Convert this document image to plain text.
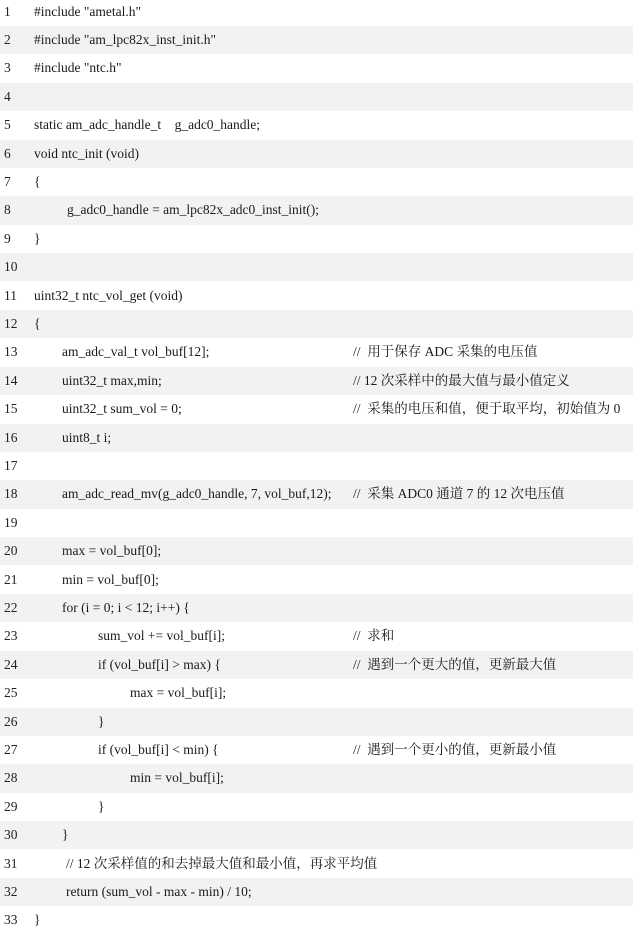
1 #include "ametal.h"
2 #include "am_lpc82x_inst_init.h"
3 #include "ntc.h"
4
5 static am_adc_handle_t    g_adc0_handle;
6 void ntc_init (void)
7 {
8	g_adc0_handle = am_lpc82x_adc0_inst_init();
9 }
10
11 uint32_t ntc_vol_get (void)
12 {
13	am_adc_val_t vol_buf[12];	//  用于保存 ADC 采集的电压值
14	uint32_t max,min;	// 12 次采样中的最大值与最小值定义
15	uint32_t sum_vol = 0;	//  采集的电压和值，便于取平均，初始值为 0
16	uint8_t i;
17
18	am_adc_read_mv(g_adc0_handle, 7, vol_buf,12); //  采集 ADC0 通道 7 的 12 次电压值
19
20	max = vol_buf[0];
21	min = vol_buf[0];
22	for (i = 0; i < 12; i++) {
23	sum_vol += vol_buf[i];	//  求和
24	if (vol_buf[i] > max) {	//  遇到一个更大的值，更新最大值
25	max = vol_buf[i];
26	}
27	if (vol_buf[i] < min) {	//  遇到一个更小的值，更新最小值
28	min = vol_buf[i];
29	}
30	}
31	// 12 次采样值的和去掉最大值和最小值，再求平均值
32	return (sum_vol - max - min) / 10;
33 }
